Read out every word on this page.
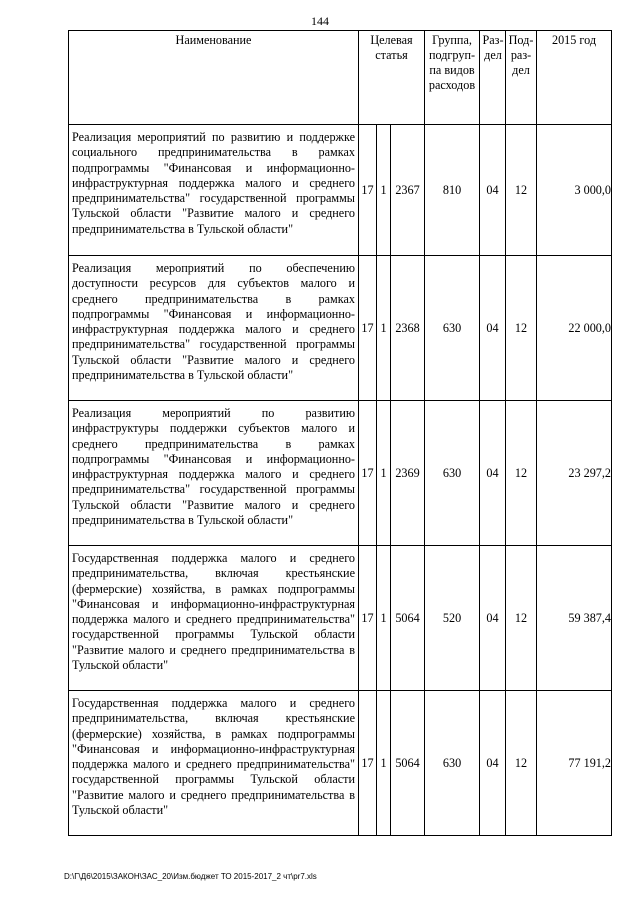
144
Наименование	Целевая статья			Группа, подгруп-па видов расходов	Раз-дел	Под-раз-дел	2015 год
Реализация мероприятий по развитию и поддержке социального предпринимательства в рамках подпрограммы "Финансовая и информационно-инфраструктурная поддержка малого и среднего предпринимательства" государственной программы Тульской области "Развитие малого и среднего предпринимательства в Тульской области"	17	1	2367	810	04	12	3 000,0
Реализация мероприятий по обеспечению доступности ресурсов для субъектов малого и среднего предпринимательства в рамках подпрограммы "Финансовая и информационно-инфраструктурная поддержка малого и среднего предпринимательства" государственной программы Тульской области "Развитие малого и среднего предпринимательства в Тульской области"	17	1	2368	630	04	12	22 000,0
Реализация мероприятий по развитию инфраструктуры поддержки субъектов малого и среднего предпринимательства в рамках подпрограммы "Финансовая и информационно-инфраструктурная поддержка малого и среднего предпринимательства" государственной программы Тульской области "Развитие малого и среднего предпринимательства в Тульской области"	17	1	2369	630	04	12	23 297,2
Государственная поддержка малого и среднего предпринимательства, включая крестьянские (фермерские) хозяйства, в рамках подпрограммы "Финансовая и информационно-инфраструктурная поддержка малого и среднего предпринимательства" государственной программы Тульской области "Развитие малого и среднего предпринимательства в Тульской области"	17	1	5064	520	04	12	59 387,4
Государственная поддержка малого и среднего предпринимательства, включая крестьянские (фермерские) хозяйства, в рамках подпрограммы "Финансовая и информационно-инфраструктурная поддержка малого и среднего предпринимательства" государственной программы Тульской области "Развитие малого и среднего предпринимательства в Тульской области"	17	1	5064	630	04	12	77 191,2
D:\Г\Д6\2015\ЗАКОН\ЗАС_20\Изм.бюджет ТО 2015-2017_2 чт\pr7.xls
